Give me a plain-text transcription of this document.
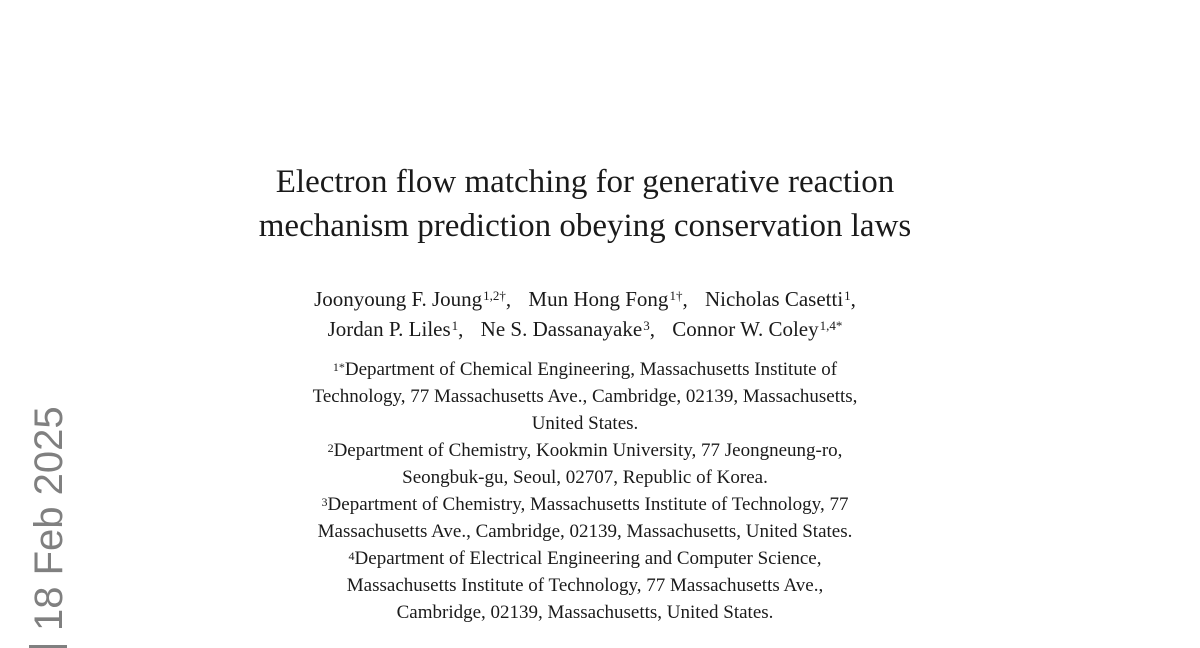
Electron flow matching for generative reaction
mechanism prediction obeying conservation laws
Joonyoung F. Joung$^{1,2\dagger}$, Mun Hong Fong$^{1\dagger}$, Nicholas Casetti$^1$,
Jordan P. Liles$^1$, Ne S. Dassanayake$^3$, Connor W. Coley$^{1,4*}$
$^{1*}$Department of Chemical Engineering, Massachusetts Institute of
Technology, 77 Massachusetts Ave., Cambridge, 02139, Massachusetts,
United States.
$^2$Department of Chemistry, Kookmin University, 77 Jeongneung-ro,
Seongbuk-gu, Seoul, 02707, Republic of Korea.
$^3$Department of Chemistry, Massachusetts Institute of Technology, 77
Massachusetts Ave., Cambridge, 02139, Massachusetts, United States.
$^4$Department of Electrical Engineering and Computer Science,
Massachusetts Institute of Technology, 77 Massachusetts Ave.,
Cambridge, 02139, Massachusetts, United States.
18 Feb 2025
